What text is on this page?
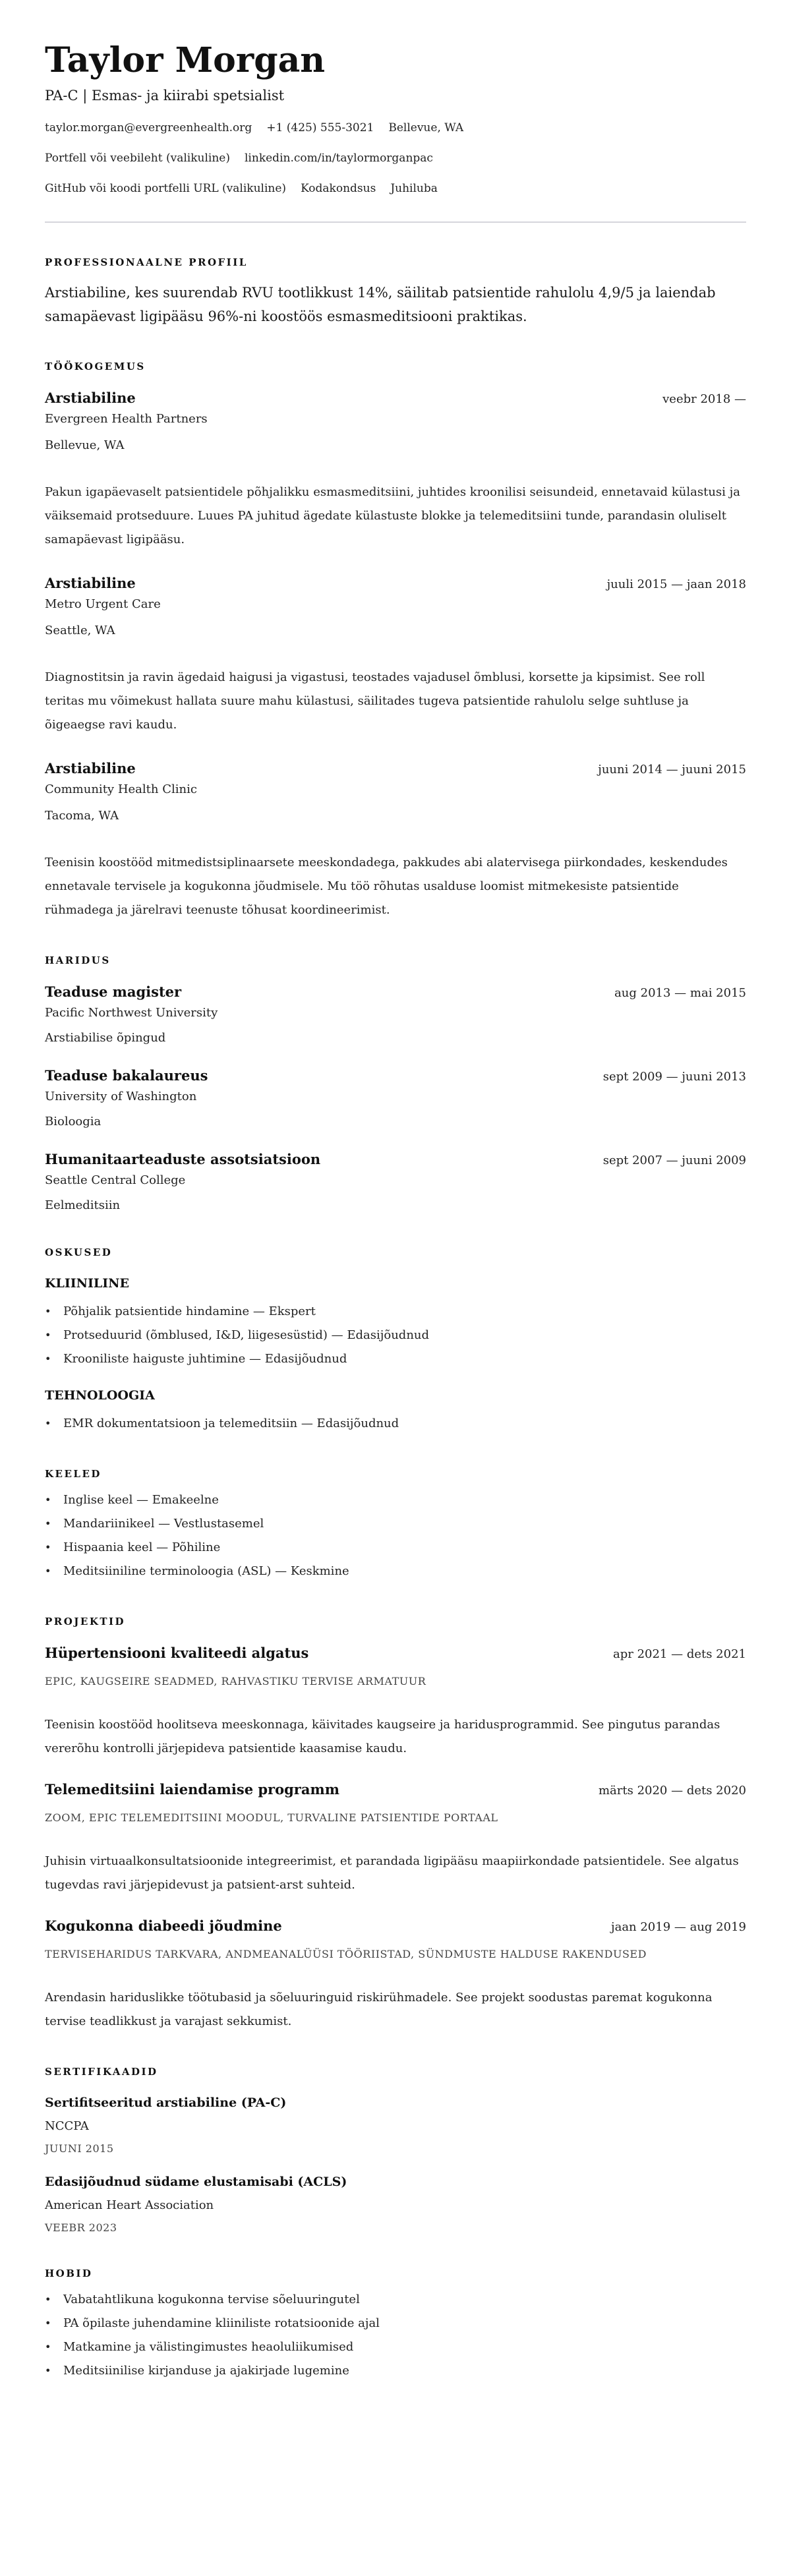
Taylor Morgan
PA-C | Esmas- ja kiirabi spetsialist
taylor.morgan@evergreenhealth.org +1 (425) 555-3021 Bellevue, WA
Portfell või veebileht (valikuline) linkedin.com/in/taylormorganpac
GitHub või koodi portfelli URL (valikuline) Kodakondsus Juhiluba
PROFESSIONAALNE PROFIIL

Arstiabiline, kes suurendab RVU tootlikkust 14%, säilitab patsientide rahulolu 4,9/5 ja laiendab samapäevast ligipääsu 96%-ni koostöös esmasmeditsiooni praktikas.

TÖÖKOGEMUS
Arstiabiline	veebr 2018 —
Evergreen Health Partners
Bellevue, WA

Pakun igapäevaselt patsientidele põhjalikku esmasmeditsiini, juhtides kroonilisi seisundeid, ennetavaid külastusi ja väiksemaid protseduure. Luues PA juhitud ägedate külastuste blokke ja telemeditsiini tunde, parandasin oluliselt samapäevast ligipääsu.

Arstiabiline	juuli 2015 — jaan 2018
Metro Urgent Care
Seattle, WA

Diagnostitsin ja ravin ägedaid haigusi ja vigastusi, teostades vajadusel õmblusi, korsette ja kipsimist. See roll teritas mu võimekust hallata suure mahu külastusi, säilitades tugeva patsientide rahulolu selge suhtluse ja õigeaegse ravi kaudu.

Arstiabiline	juuni 2014 — juuni 2015
Community Health Clinic
Tacoma, WA

Teenisin koostööd mitmedistsiplinaarsete meeskondadega, pakkudes abi alatervisega piirkondades, keskendudes ennetavale tervisele ja kogukonna jõudmisele. Mu töö rõhutas usalduse loomist mitmekesiste patsientide rühmadega ja järelravi teenuste tõhusat koordineerimist.

HARIDUS
Teaduse magister	aug 2013 — mai 2015
Pacific Northwest University
Arstiabilise õpingud
Teaduse bakalaureus	sept 2009 — juuni 2013
University of Washington
Bioloogia
Humanitaarteaduste assotsiatsioon	sept 2007 — juuni 2009
Seattle Central College
Eelmeditsiin
OSKUSED
KLIINILINE
• Põhjalik patsientide hindamine — Ekspert
• Protseduurid (õmblused, I&D, liigesesüstid) — Edasijõudnud
• Krooniliste haiguste juhtimine — Edasijõudnud
TEHNOLOOGIA
• EMR dokumentatsioon ja telemeditsiin — Edasijõudnud
KEELED
• Inglise keel — Emakeelne
• Mandariinikeel — Vestlustasemel
• Hispaania keel — Põhiline
• Meditsiiniline terminoloogia (ASL) — Keskmine
PROJEKTID
Hüpertensiooni kvaliteedi algatus	apr 2021 — dets 2021
EPIC, KAUGSEIRE SEADMED, RAHVASTIKU TERVISE ARMATUUR

Teenisin koostööd hoolitseva meeskonnaga, käivitades kaugseire ja haridusprogrammid. See pingutus parandas vererõhu kontrolli järjepideva patsientide kaasamise kaudu.

Telemeditsiini laiendamise programm	märts 2020 — dets 2020
ZOOM, EPIC TELEMEDITSIINI MOODUL, TURVALINE PATSIENTIDE PORTAAL

Juhisin virtuaalkonsultatsioonide integreerimist, et parandada ligipääsu maapiirkondade patsientidele. See algatus tugevdas ravi järjepidevust ja patsient-arst suhteid.

Kogukonna diabeedi jõudmine	jaan 2019 — aug 2019
TERVISEHARIDUS TARKVARA, ANDMEANALÜÜSI TÖÖRIISTAD, SÜNDMUSTE HALDUSE RAKENDUSED

Arendasin hariduslikke töötubasid ja sõeluuringuid riskirühmadele. See projekt soodustas paremat kogukonna tervise teadlikkust ja varajast sekkumist.

SERTIFIKAADID
Sertifitseeritud arstiabiline (PA-C)
NCCPA
JUUNI 2015
Edasijõudnud südame elustamisabi (ACLS)
American Heart Association
VEEBR 2023
HOBID
• Vabatahtlikuna kogukonna tervise sõeluuringutel
• PA õpilaste juhendamine kliiniliste rotatsioonide ajal
• Matkamine ja välistingimustes heaoluliikumised
• Meditsiinilise kirjanduse ja ajakirjade lugemine
